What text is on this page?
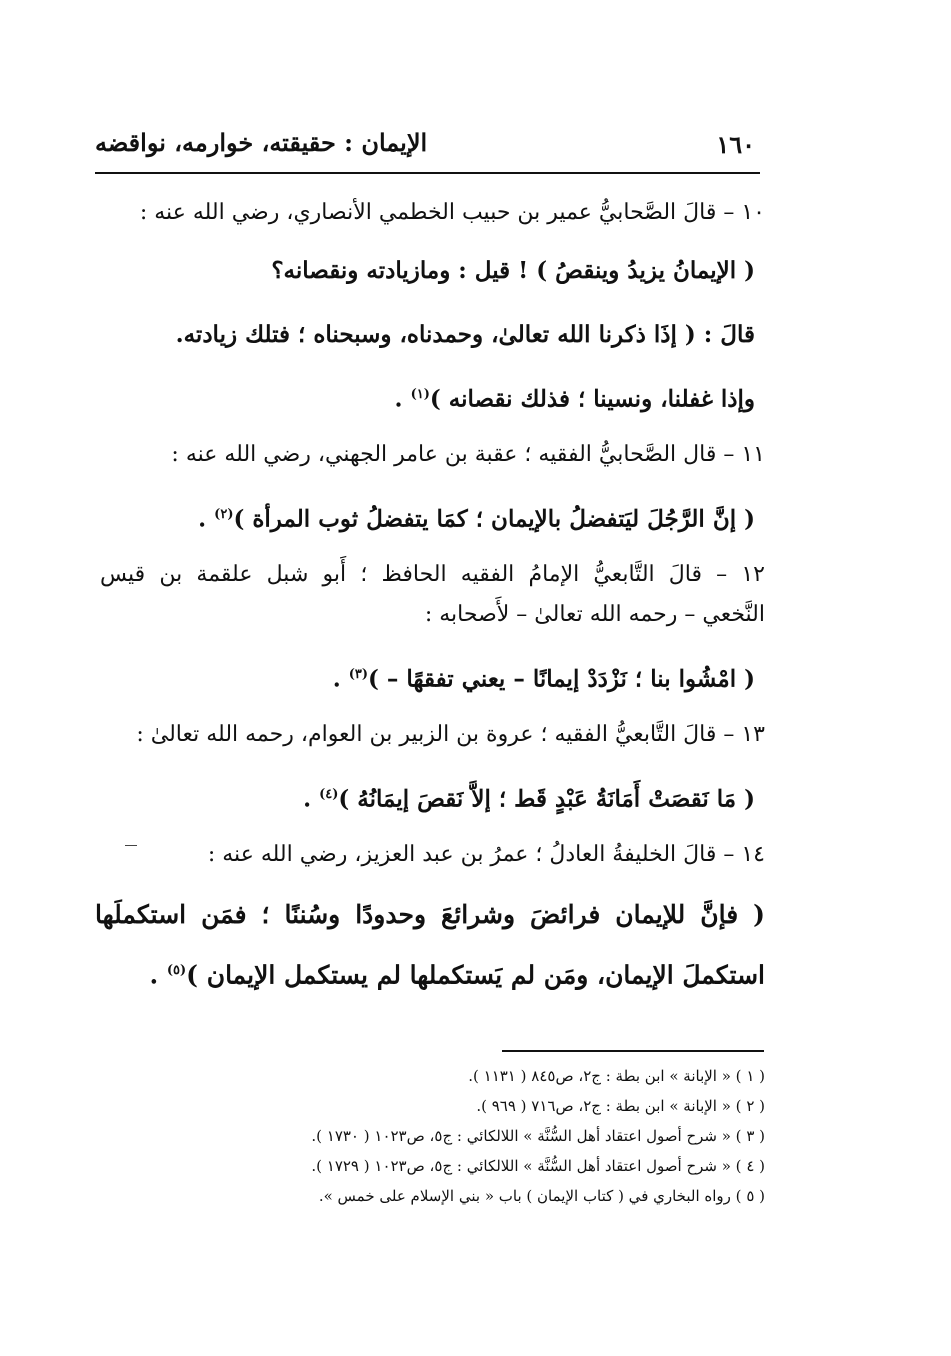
١٦٠
الإيمان : حقيقته، خوارمه، نواقضه

١٠ – قالَ الصَّحابيُّ عمير بن حبيب الخطمي الأنصاري، رضي الله عنه :

( الإيمانُ يزيدُ وينقصُ ) ! قيل : ومازيادته ونقصانه؟

قالَ : ( إذَا ذكرنا الله تعالىٰ، وحمدناه، وسبحناه ؛ فتلك زيادته.

وإذا غفلنا، ونسينا ؛ فذلك نقصانه )$^{(١)}$ .

١١ – قال الصَّحابيُّ الفقيه ؛ عقبة بن عامر الجهني، رضي الله عنه :

( إنَّ الرَّجُلَ ليَتفضلُ بالإيمان ؛ كمَا يتفضلُ ثوب المرأة )$^{(٢)}$ .

١٢ – قالَ التَّابعيُّ الإمامُ الفقيه الحافظ ؛ أَبو شبل علقمة بن قيس

النَّخعي – رحمه الله تعالىٰ – لأَصحابه :

( امْشُوا بنا ؛ نَزْدَدْ إيمانًا – يعني تفقهًا – )$^{(٣)}$ .

١٣ – قالَ التَّابعيُّ الفقيه ؛ عروة بن الزبير بن العوام، رحمه الله تعالىٰ :

( مَا نَقصَتْ أَمَانَةُ عَبْدٍ قَط ؛ إلاَّ نَقصَ إيمَانُهُ )$^{(٤)}$ .

١٤ – قالَ الخليفةُ العادلُ ؛ عمرُ بن عبد العزيز، رضي الله عنه :

( فإنَّ للإيمان فرائضَ وشرائعَ وحدودًا وسُننًا ؛ فمَن استكملَها

استكملَ الإيمان، ومَن لم يَستكملها لم يستكمل الإيمان )$^{(٥)}$ .

( ١ ) « الإبانة » ابن بطة : ج٢، ص٨٤٥ ( ١١٣١ ).

( ٢ ) « الإبانة » ابن بطة : ج٢، ص٧١٦ ( ٩٦٩ ).

( ٣ ) « شرح أصول اعتقاد أهل السُّنَّة » اللالكائي : ج٥، ص١٠٢٣ ( ١٧٣٠ ).

( ٤ ) « شرح أصول اعتقاد أهل السُّنَّة » اللالكائي : ج٥، ص١٠٢٣ ( ١٧٢٩ ).

( ٥ ) رواه البخاري في ( كتاب الإيمان ) باب « بني الإسلام على خمس ».
